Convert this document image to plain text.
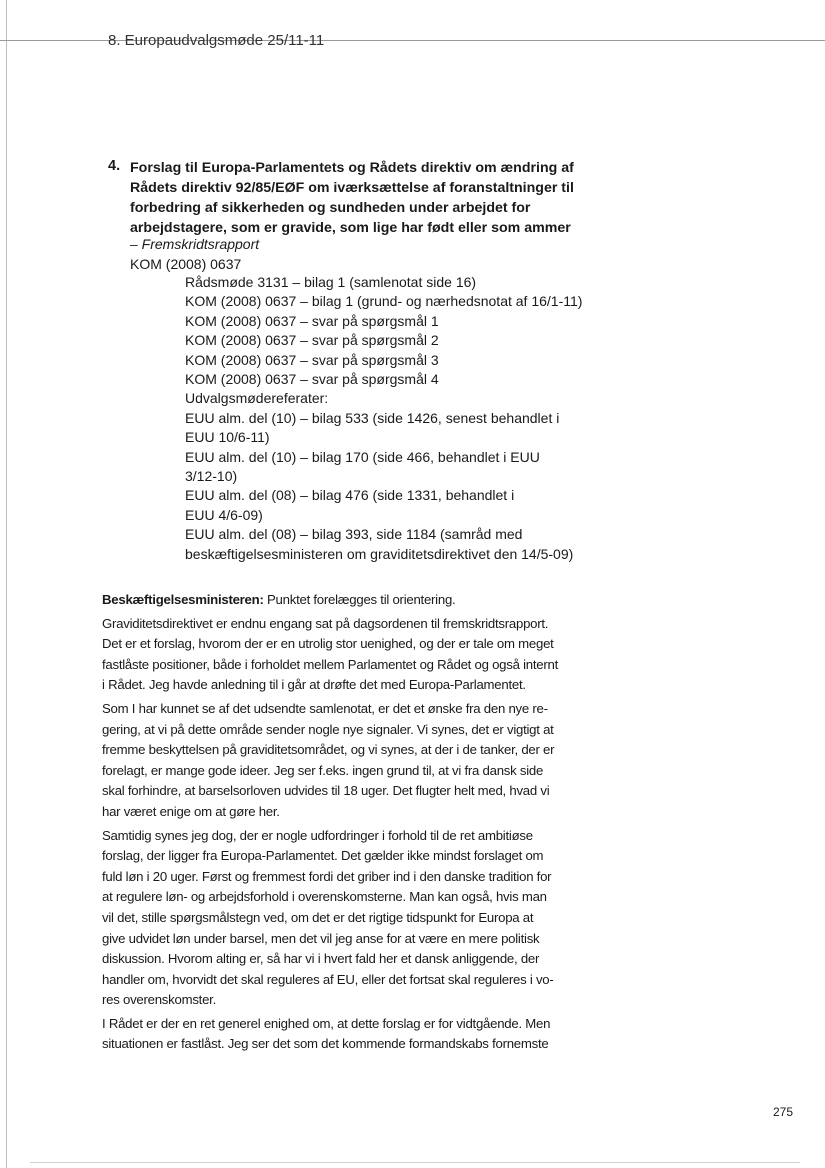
8. Europaudvalgsmøde 25/11-11
4. Forslag til Europa-Parlamentets og Rådets direktiv om ændring af
Rådets direktiv 92/85/EØF om iværksættelse af foranstaltninger til
forbedring af sikkerheden og sundheden under arbejdet for
arbejdstagere, som er gravide, som lige har født eller som ammer
– Fremskridtsrapport
KOM (2008) 0637
Rådsmøde 3131 – bilag 1 (samlenotat side 16)
KOM (2008) 0637 – bilag 1 (grund- og nærhedsnotat af 16/1-11)
KOM (2008) 0637 – svar på spørgsmål 1
KOM (2008) 0637 – svar på spørgsmål 2
KOM (2008) 0637 – svar på spørgsmål 3
KOM (2008) 0637 – svar på spørgsmål 4
Udvalgsmødereferater:
EUU alm. del (10) – bilag 533 (side 1426, senest behandlet i
EUU 10/6-11)
EUU alm. del (10) – bilag 170 (side 466, behandlet i EUU
3/12-10)
EUU alm. del (08) – bilag 476 (side 1331, behandlet i
EUU 4/6-09)
EUU alm. del (08) – bilag 393, side 1184 (samråd med
beskæftigelsesministeren om graviditetsdirektivet den 14/5-09)

Beskæftigelsesministeren: Punktet forelægges til orientering.

Graviditetsdirektivet er endnu engang sat på dagsordenen til fremskridtsrapport.
Det er et forslag, hvorom der er en utrolig stor uenighed, og der er tale om meget
fastlåste positioner, både i forholdet mellem Parlamentet og Rådet og også internt
i Rådet. Jeg havde anledning til i går at drøfte det med Europa-Parlamentet.

Som I har kunnet se af det udsendte samlenotat, er det et ønske fra den nye re-
gering, at vi på dette område sender nogle nye signaler. Vi synes, det er vigtigt at
fremme beskyttelsen på graviditetsområdet, og vi synes, at der i de tanker, der er
forelagt, er mange gode ideer. Jeg ser f.eks. ingen grund til, at vi fra dansk side
skal forhindre, at barselsorloven udvides til 18 uger. Det flugter helt med, hvad vi
har været enige om at gøre her.

Samtidig synes jeg dog, der er nogle udfordringer i forhold til de ret ambitiøse
forslag, der ligger fra Europa-Parlamentet. Det gælder ikke mindst forslaget om
fuld løn i 20 uger. Først og fremmest fordi det griber ind i den danske tradition for
at regulere løn- og arbejdsforhold i overenskomsterne. Man kan også, hvis man
vil det, stille spørgsmålstegn ved, om det er det rigtige tidspunkt for Europa at
give udvidet løn under barsel, men det vil jeg anse for at være en mere politisk
diskussion. Hvorom alting er, så har vi i hvert fald her et dansk anliggende, der
handler om, hvorvidt det skal reguleres af EU, eller det fortsat skal reguleres i vo-
res overenskomster.

I Rådet er der en ret generel enighed om, at dette forslag er for vidtgående. Men
situationen er fastlåst. Jeg ser det som det kommende formandskabs fornemste

275
